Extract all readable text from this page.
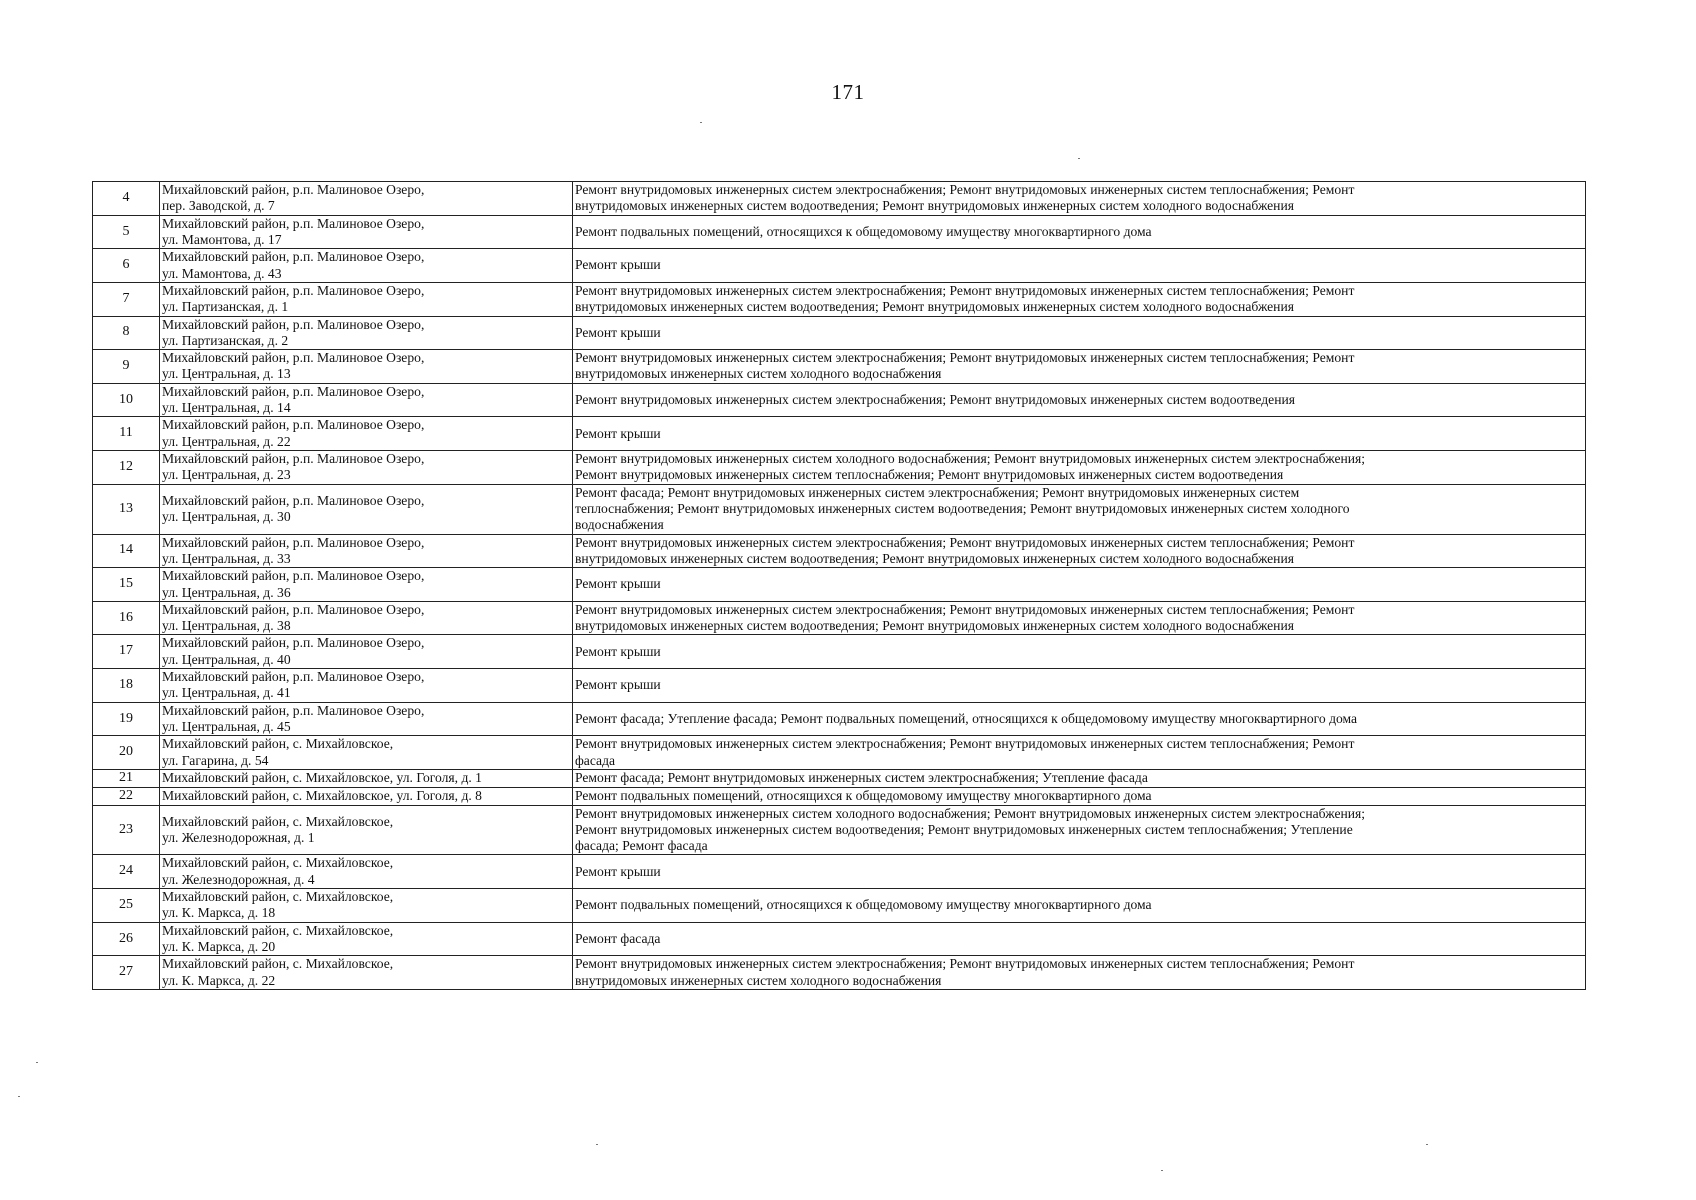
171
4	Михайловский район, р.п. Малиновое Озеро,
пер. Заводской, д. 7	Ремонт внутридомовых инженерных систем электроснабжения; Ремонт внутридомовых инженерных систем теплоснабжения; Ремонт
внутридомовых инженерных систем водоотведения; Ремонт внутридомовых инженерных систем холодного водоснабжения

5	Михайловский район, р.п. Малиновое Озеро,
ул. Мамонтова, д. 17	Ремонт подвальных помещений, относящихся к общедомовому имуществу многоквартирного дома

6	Михайловский район, р.п. Малиновое Озеро,
ул. Мамонтова, д. 43	Ремонт крыши

7	Михайловский район, р.п. Малиновое Озеро,
ул. Партизанская, д. 1	Ремонт внутридомовых инженерных систем электроснабжения; Ремонт внутридомовых инженерных систем теплоснабжения; Ремонт
внутридомовых инженерных систем водоотведения; Ремонт внутридомовых инженерных систем холодного водоснабжения

8	Михайловский район, р.п. Малиновое Озеро,
ул. Партизанская, д. 2	Ремонт крыши

9	Михайловский район, р.п. Малиновое Озеро,
ул. Центральная, д. 13	Ремонт внутридомовых инженерных систем электроснабжения; Ремонт внутридомовых инженерных систем теплоснабжения; Ремонт
внутридомовых инженерных систем холодного водоснабжения

10	Михайловский район, р.п. Малиновое Озеро,
ул. Центральная, д. 14	Ремонт внутридомовых инженерных систем электроснабжения; Ремонт внутридомовых инженерных систем водоотведения

11	Михайловский район, р.п. Малиновое Озеро,
ул. Центральная, д. 22	Ремонт крыши

12	Михайловский район, р.п. Малиновое Озеро,
ул. Центральная, д. 23	Ремонт внутридомовых инженерных систем холодного водоснабжения; Ремонт внутридомовых инженерных систем электроснабжения;
Ремонт внутридомовых инженерных систем теплоснабжения; Ремонт внутридомовых инженерных систем водоотведения

13	Михайловский район, р.п. Малиновое Озеро,
ул. Центральная, д. 30	Ремонт фасада; Ремонт внутридомовых инженерных систем электроснабжения; Ремонт внутридомовых инженерных систем
теплоснабжения; Ремонт внутридомовых инженерных систем водоотведения; Ремонт внутридомовых инженерных систем холодного
водоснабжения

14	Михайловский район, р.п. Малиновое Озеро,
ул. Центральная, д. 33	Ремонт внутридомовых инженерных систем электроснабжения; Ремонт внутридомовых инженерных систем теплоснабжения; Ремонт
внутридомовых инженерных систем водоотведения; Ремонт внутридомовых инженерных систем холодного водоснабжения

15	Михайловский район, р.п. Малиновое Озеро,
ул. Центральная, д. 36	Ремонт крыши

16	Михайловский район, р.п. Малиновое Озеро,
ул. Центральная, д. 38	Ремонт внутридомовых инженерных систем электроснабжения; Ремонт внутридомовых инженерных систем теплоснабжения; Ремонт
внутридомовых инженерных систем водоотведения; Ремонт внутридомовых инженерных систем холодного водоснабжения

17	Михайловский район, р.п. Малиновое Озеро,
ул. Центральная, д. 40	Ремонт крыши

18	Михайловский район, р.п. Малиновое Озеро,
ул. Центральная, д. 41	Ремонт крыши

19	Михайловский район, р.п. Малиновое Озеро,
ул. Центральная, д. 45	Ремонт фасада; Утепление фасада; Ремонт подвальных помещений, относящихся к общедомовому имуществу многоквартирного дома

20	Михайловский район, с. Михайловское,
ул. Гагарина, д. 54	Ремонт внутридомовых инженерных систем электроснабжения; Ремонт внутридомовых инженерных систем теплоснабжения; Ремонт
фасада

21	Михайловский район, с. Михайловское, ул. Гоголя, д. 1	Ремонт фасада; Ремонт внутридомовых инженерных систем электроснабжения; Утепление фасада

22	Михайловский район, с. Михайловское, ул. Гоголя, д. 8	Ремонт подвальных помещений, относящихся к общедомовому имуществу многоквартирного дома

23	Михайловский район, с. Михайловское,
ул. Железнодорожная, д. 1	Ремонт внутридомовых инженерных систем холодного водоснабжения; Ремонт внутридомовых инженерных систем электроснабжения;
Ремонт внутридомовых инженерных систем водоотведения; Ремонт внутридомовых инженерных систем теплоснабжения; Утепление
фасада; Ремонт фасада

24	Михайловский район, с. Михайловское,
ул. Железнодорожная, д. 4	Ремонт крыши

25	Михайловский район, с. Михайловское,
ул. К. Маркса, д. 18	Ремонт подвальных помещений, относящихся к общедомовому имуществу многоквартирного дома

26	Михайловский район, с. Михайловское,
ул. К. Маркса, д. 20	Ремонт фасада

27	Михайловский район, с. Михайловское,
ул. К. Маркса, д. 22	Ремонт внутридомовых инженерных систем электроснабжения; Ремонт внутридомовых инженерных систем теплоснабжения; Ремонт
внутридомовых инженерных систем холодного водоснабжения
